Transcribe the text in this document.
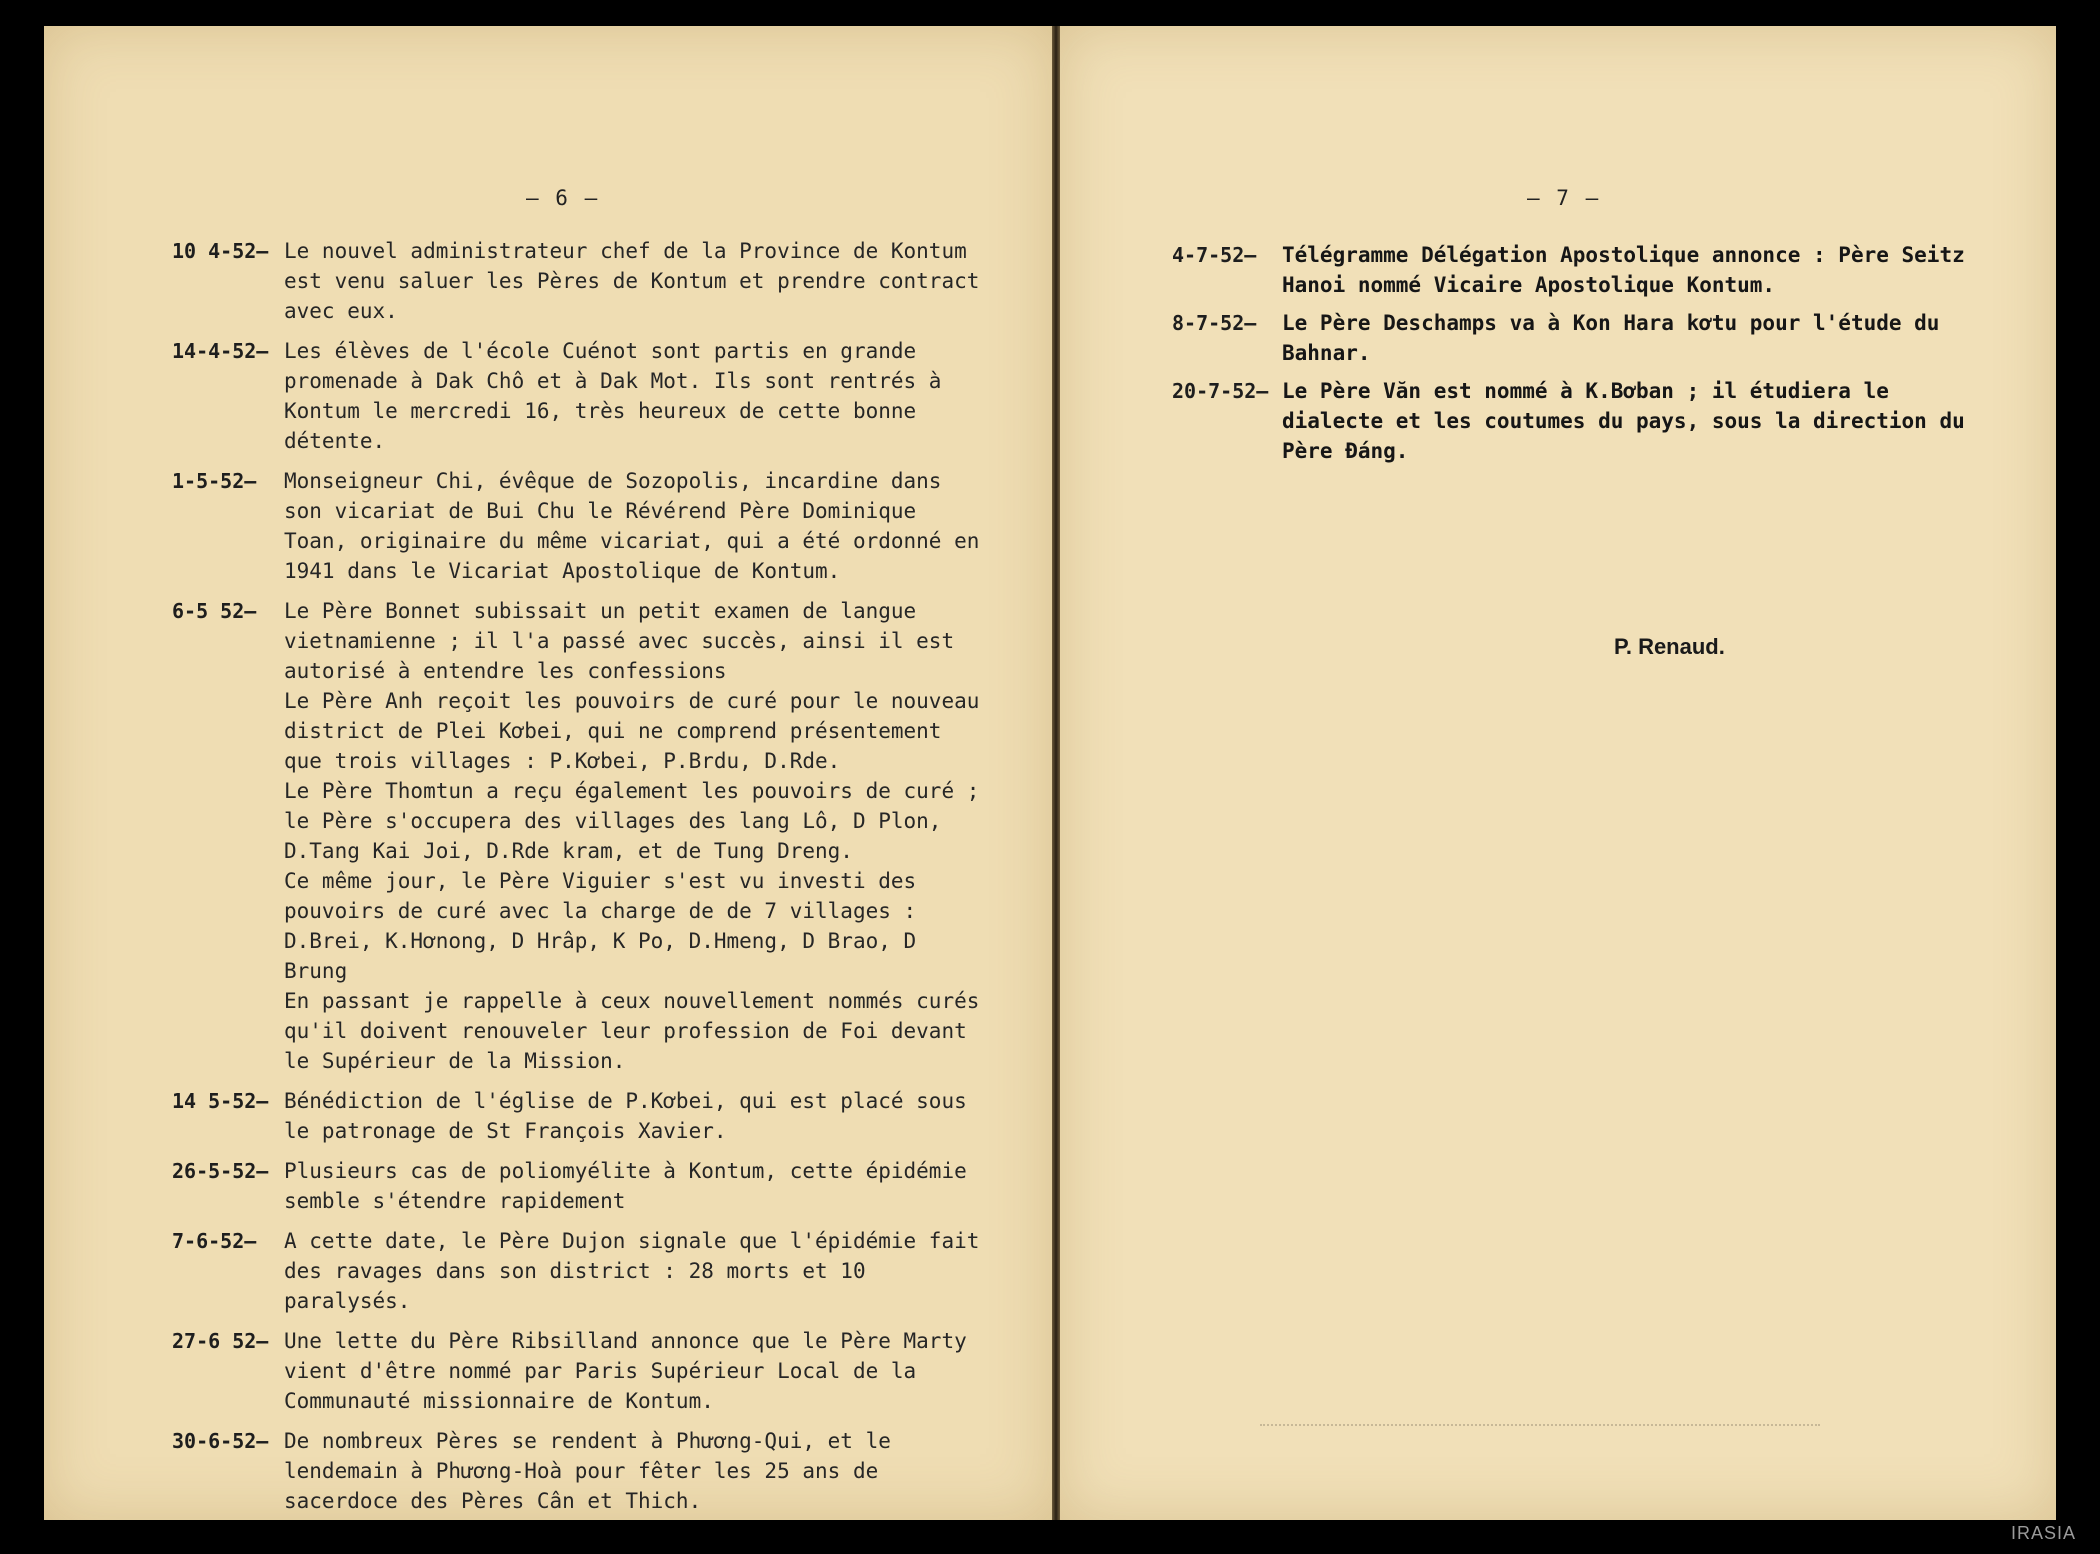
– 6 –
10 4-52 —	Le nouvel administrateur chef de la Province de Kontum est venu saluer les Pères de Kontum et prendre contract avec eux.
14-4-52 —	Les élèves de l'école Cuénot sont partis en grande promenade à Dak Chô et à Dak Mot. Ils sont rentrés à Kontum le mercredi 16, très heureux de cette bonne détente.
1-5-52 —	Monseigneur Chi, évêque de Sozopolis, incardine dans son vicariat de Bui Chu le Révérend Père Dominique Toan, originaire du même vicariat, qui a été ordonné en 1941 dans le Vicariat Apostolique de Kontum.
6-5 52 —	Le Père Bonnet subissait un petit examen de langue vietnamienne ; il l'a passé avec succès, ainsi il est autorisé à entendre les confessions
Le Père Anh reçoit les pouvoirs de curé pour le nouveau district de Plei Kơbei, qui ne comprend présentement que trois villages : P.Kơbei, P.Brdu, D.Rde.
Le Père Thomtun a reçu également les pouvoirs de curé ; le Père s'occupera des villages des lang Lô, D Plon, D.Tang Kai Joi, D.Rde kram, et de Tung Dreng.
Ce même jour, le Père Viguier s'est vu investi des pouvoirs de curé avec la charge de de 7 villages : D.Brei, K.Hơnong, D Hrâp, K Po, D.Hmeng, D Brao, D Brung
En passant je rappelle à ceux nouvellement nommés curés qu'il doivent renouveler leur profession de Foi devant le Supérieur de la Mission.
14 5-52 —	Bénédiction de l'église de P.Kơbei, qui est placé sous le patronage de St François Xavier.
26-5-52 —	Plusieurs cas de poliomyélite à Kontum, cette épidémie semble s'étendre rapidement
7-6-52 —	A cette date, le Père Dujon signale que l'épidémie fait des ravages dans son district : 28 morts et 10 paralysés.
27-6 52 —	Une lette du Père Ribsilland annonce que le Père Marty vient d'être nommé par Paris Supérieur Local de la Communauté missionnaire de Kontum.
30-6-52 —	De nombreux Pères se rendent à Phương-Qui, et le lendemain à Phương-Hoà pour fêter les 25 ans de sacerdoce des Pères Cân et Thich.
– 7 –
4-7-52 —	Télégramme Délégation Apostolique annonce : Père Seitz Hanoi nommé Vicaire Apostolique Kontum.
8-7-52 —	Le Père Deschamps va à Kon Hara kơtu pour l'étude du Bahnar.
20-7-52 —	Le Père Văn est nommé à K.Bơban ; il étudiera le dialecte et les coutumes du pays, sous la direction du Père Đáng.
P. Renaud.
IRASIA
